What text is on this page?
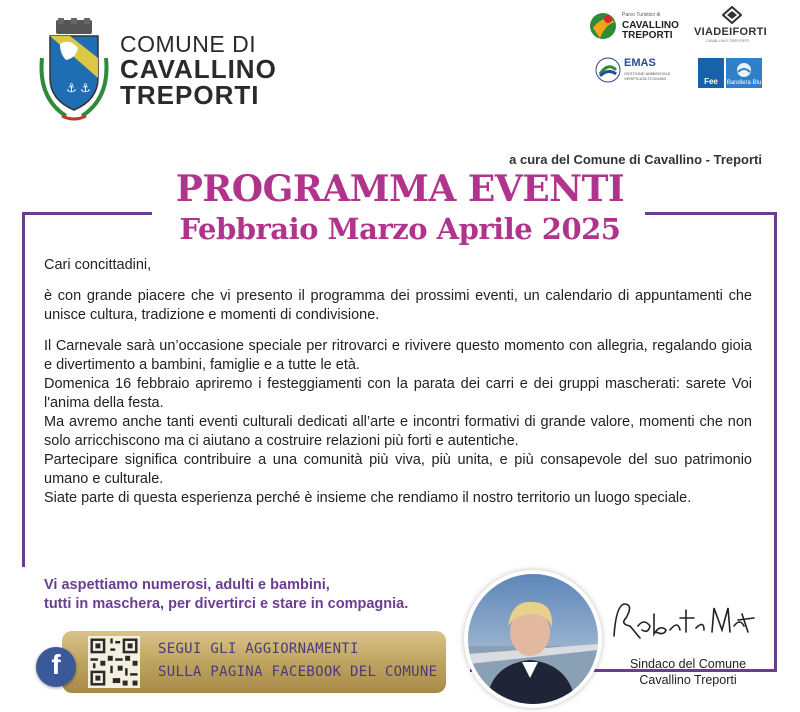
⚓ ⚓
COMUNE DI
CAVALLINO
TREPORTI
Parco Turistico di
CAVALLINO
TREPORTI VIADEIFORTI
CAVALLINO-TREPORTI
EMAS
GESTIONE AMBIENTALE VERIFICATA IT-001083	Fee	Bandiera Blu
a cura del Comune di Cavallino - Treporti
PROGRAMMA EVENTI
Febbraio Marzo Aprile 2025

Cari concittadini,

è con grande piacere che vi presento il programma dei prossimi eventi, un calendario di appuntamenti che unisce cultura, tradizione e momenti di condivisione.

Il Carnevale sarà un’occasione speciale per ritrovarci e rivivere questo momento con allegria, regalando gioia e divertimento a bambini, famiglie e a tutte le età.

Domenica 16 febbraio apriremo i festeggiamenti con la parata dei carri e dei gruppi mascherati: sarete Voi l'anima della festa.

Ma avremo anche tanti eventi culturali dedicati all’arte e incontri formativi di grande valore, momenti che non solo arricchiscono ma ci aiutano a costruire relazioni più forti e autentiche.

Partecipare significa contribuire a una comunità più viva, più unita, e più consapevole del suo patrimonio umano e culturale.

Siate parte di questa esperienza perché è insieme che rendiamo il nostro territorio un luogo speciale.

Vi aspettiamo numerosi, adulti e bambini,
tutti in maschera, per divertirci e stare in compagnia.
SEGUI GLI AGGIORNAMENTI
SULLA PAGINA FACEBOOK DEL COMUNE
f	Sindaco del Comune
Cavallino Treporti
